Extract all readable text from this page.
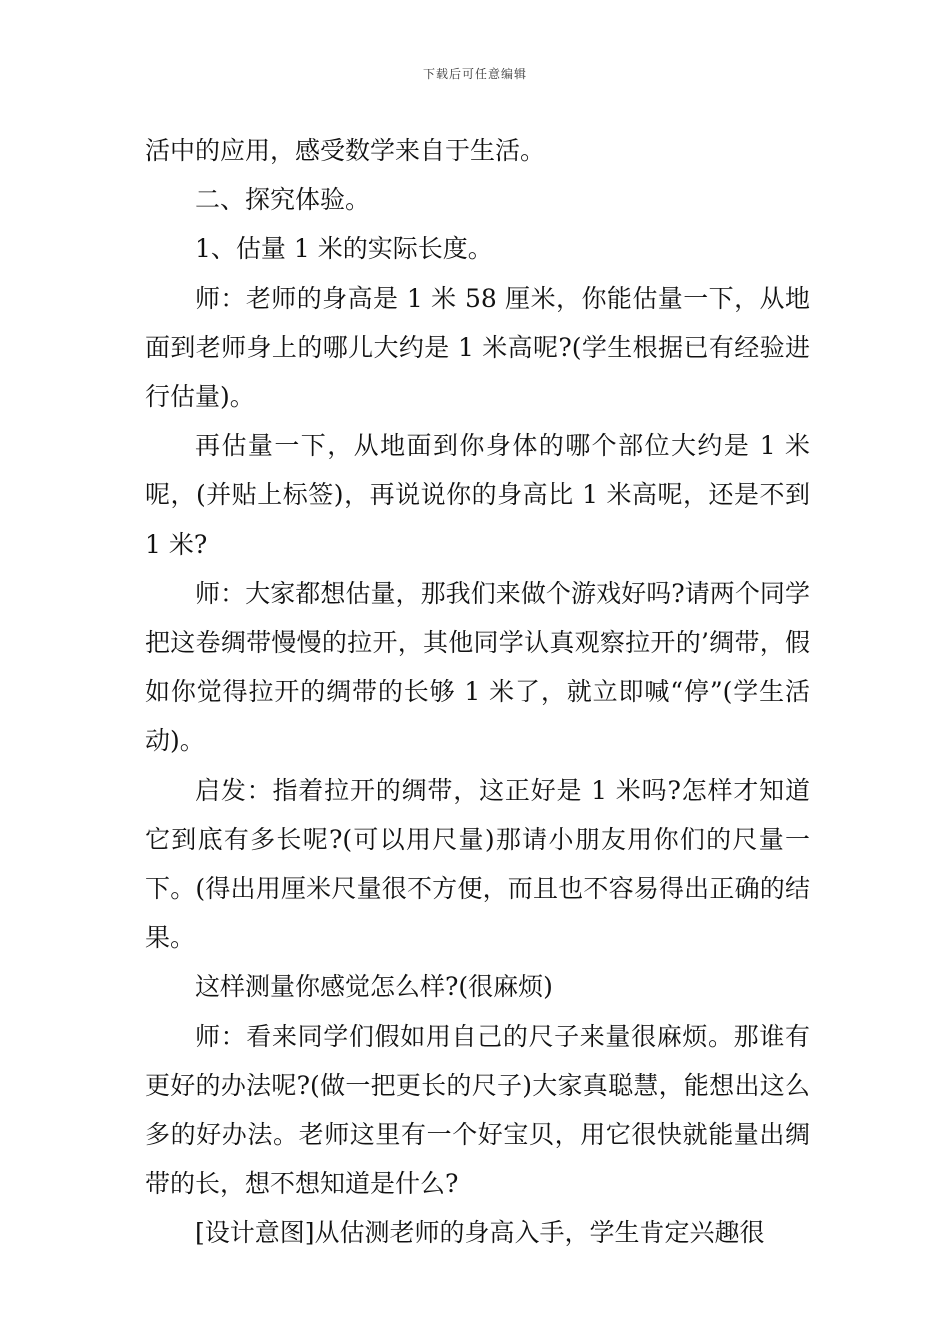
下载后可任意编辑

活中的应用，感受数学来自于生活。

二、探究体验。

1、估量 1 米的实际长度。

师：老师的身高是 1 米 58 厘米，你能估量一下，从地面到老师身上的哪儿大约是 1 米高呢?(学生根据已有经验进行估量)。

再估量一下，从地面到你身体的哪个部位大约是 1 米呢，(并贴上标签)，再说说你的身高比 1 米高呢，还是不到 1 米?

师：大家都想估量，那我们来做个游戏好吗?请两个同学把这卷绸带慢慢的拉开，其他同学认真观察拉开的’绸带，假如你觉得拉开的绸带的长够 1 米了，就立即喊“停”(学生活动)。

启发：指着拉开的绸带，这正好是 1 米吗?怎样才知道它到底有多长呢?(可以用尺量)那请小朋友用你们的尺量一下。(得出用厘米尺量很不方便，而且也不容易得出正确的结果。

这样测量你感觉怎么样?(很麻烦)

师：看来同学们假如用自己的尺子来量很麻烦。那谁有更好的办法呢?(做一把更长的尺子)大家真聪慧，能想出这么多的好办法。老师这里有一个好宝贝，用它很快就能量出绸带的长，想不想知道是什么?

[设计意图]从估测老师的身高入手，学生肯定兴趣很
